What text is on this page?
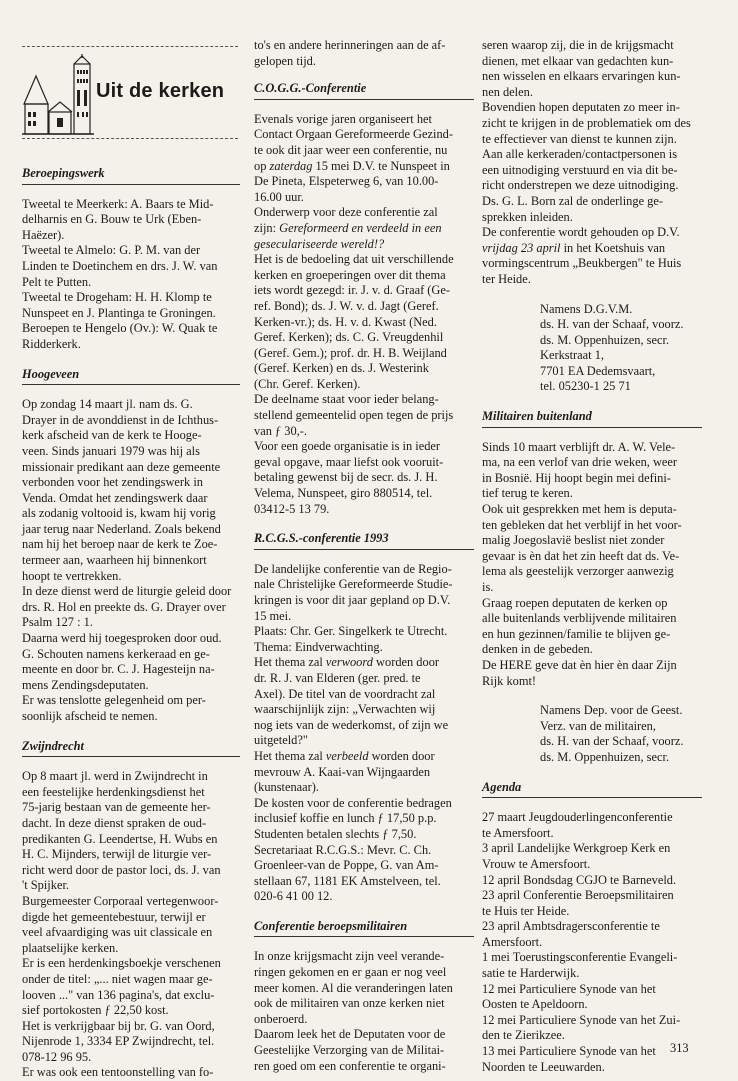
Uit de kerken
Beroepingswerk

Tweetal te Meerkerk: A. Baars te Mid-

delharnis en G. Bouw te Urk (Eben-

Haëzer).

Tweetal te Almelo: G. P. M. van der

Linden te Doetinchem en drs. J. W. van

Pelt te Putten.

Tweetal te Drogeham: H. H. Klomp te

Nunspeet en J. Plantinga te Groningen.

Beroepen te Hengelo (Ov.): W. Quak te

Ridderkerk.

Hoogeveen

Op zondag 14 maart jl. nam ds. G.

Drayer in de avonddienst in de Ichthus-

kerk afscheid van de kerk te Hooge-

veen. Sinds januari 1979 was hij als

missionair predikant aan deze gemeente

verbonden voor het zendingswerk in

Venda. Omdat het zendingswerk daar

als zodanig voltooid is, kwam hij vorig

jaar terug naar Nederland. Zoals bekend

nam hij het beroep naar de kerk te Zoe-

termeer aan, waarheen hij binnenkort

hoopt te vertrekken.

In deze dienst werd de liturgie geleid door

drs. R. Hol en preekte ds. G. Drayer over

Psalm 127 : 1.

Daarna werd hij toegesproken door oud.

G. Schouten namens kerkeraad en ge-

meente en door br. C. J. Hagesteijn na-

mens Zendingsdeputaten.

Er was tenslotte gelegenheid om per-

soonlijk afscheid te nemen.

Zwijndrecht

Op 8 maart jl. werd in Zwijndrecht in

een feestelijke herdenkingsdienst het

75-jarig bestaan van de gemeente her-

dacht. In deze dienst spraken de oud-

predikanten G. Leendertse, H. Wubs en

H. C. Mijnders, terwijl de liturgie ver-

richt werd door de pastor loci, ds. J. van

't Spijker.

Burgemeester Corporaal vertegenwoor-

digde het gemeentebestuur, terwijl er

veel afvaardiging was uit classicale en

plaatselijke kerken.

Er is een herdenkingsboekje verschenen

onder de titel: „... niet wagen maar ge-

looven ..." van 136 pagina's, dat exclu-

sief portokosten ƒ 22,50 kost.

Het is verkrijgbaar bij br. G. van Oord,

Nijenrode 1, 3334 EP Zwijndrecht, tel.

078-12 96 95.

Er was ook een tentoonstelling van fo-

to's en andere herinneringen aan de af-

gelopen tijd.

C.O.G.G.-Conferentie

Evenals vorige jaren organiseert het

Contact Orgaan Gereformeerde Gezind-

te ook dit jaar weer een conferentie, nu

op zaterdag 15 mei D.V. te Nunspeet in

De Pineta, Elspeterweg 6, van 10.00-

16.00 uur.

Onderwerp voor deze conferentie zal

zijn: Gereformeerd en verdeeld in een

geseculariseerde wereld!?

Het is de bedoeling dat uit verschillende

kerken en groeperingen over dit thema

iets wordt gezegd: ir. J. v. d. Graaf (Ge-

ref. Bond); ds. J. W. v. d. Jagt (Geref.

Kerken-vr.); ds. H. v. d. Kwast (Ned.

Geref. Kerken); ds. C. G. Vreugdenhil

(Geref. Gem.); prof. dr. H. B. Weijland

(Geref. Kerken) en ds. J. Westerink

(Chr. Geref. Kerken).

De deelname staat voor ieder belang-

stellend gemeentelid open tegen de prijs

van ƒ 30,-.

Voor een goede organisatie is in ieder

geval opgave, maar liefst ook vooruit-

betaling gewenst bij de secr. ds. J. H.

Velema, Nunspeet, giro 880514, tel.

03412-5 13 79.

R.C.G.S.-conferentie 1993

De landelijke conferentie van de Regio-

nale Christelijke Gereformeerde Studie-

kringen is voor dit jaar gepland op D.V.

15 mei.

Plaats: Chr. Ger. Singelkerk te Utrecht.

Thema: Eindverwachting.

Het thema zal verwoord worden door

dr. R. J. van Elderen (ger. pred. te

Axel). De titel van de voordracht zal

waarschijnlijk zijn: „Verwachten wij

nog iets van de wederkomst, of zijn we

uitgeteld?"

Het thema zal verbeeld worden door

mevrouw A. Kaai-van Wijngaarden

(kunstenaar).

De kosten voor de conferentie bedragen

inclusief koffie en lunch ƒ 17,50 p.p.

Studenten betalen slechts ƒ 7,50.

Secretariaat R.C.G.S.: Mevr. C. Ch.

Groenleer-van de Poppe, G. van Am-

stellaan 67, 1181 EK Amstelveen, tel.

020-6 41 00 12.

Conferentie beroepsmilitairen

In onze krijgsmacht zijn veel verande-

ringen gekomen en er gaan er nog veel

meer komen. Al die veranderingen laten

ook de militairen van onze kerken niet

onberoerd.

Daarom leek het de Deputaten voor de

Geestelijke Verzorging van de Militai-

ren goed om een conferentie te organi-

seren waarop zij, die in de krijgsmacht

dienen, met elkaar van gedachten kun-

nen wisselen en elkaars ervaringen kun-

nen delen.

Bovendien hopen deputaten zo meer in-

zicht te krijgen in de problematiek om des

te effectiever van dienst te kunnen zijn.

Aan alle kerkeraden/contactpersonen is

een uitnodiging verstuurd en via dit be-

richt onderstrepen we deze uitnodiging.

Ds. G. L. Born zal de onderlinge ge-

sprekken inleiden.

De conferentie wordt gehouden op D.V.

vrijdag 23 april in het Koetshuis van

vormingscentrum „Beukbergen" te Huis

ter Heide.

Namens D.G.V.M.

ds. H. van der Schaaf, voorz.

ds. M. Oppenhuizen, secr.

Kerkstraat 1,

7701 EA Dedemsvaart,

tel. 05230-1 25 71

Militairen buitenland

Sinds 10 maart verblijft dr. A. W. Vele-

ma, na een verlof van drie weken, weer

in Bosnië. Hij hoopt begin mei defini-

tief terug te keren.

Ook uit gesprekken met hem is deputa-

ten gebleken dat het verblijf in het voor-

malig Joegoslavië beslist niet zonder

gevaar is èn dat het zin heeft dat ds. Ve-

lema als geestelijk verzorger aanwezig

is.

Graag roepen deputaten de kerken op

alle buitenlands verblijvende militairen

en hun gezinnen/familie te blijven ge-

denken in de gebeden.

De HERE geve dat èn hier èn daar Zijn

Rijk komt!

Namens Dep. voor de Geest.

Verz. van de militairen,

ds. H. van der Schaaf, voorz.

ds. M. Oppenhuizen, secr.

Agenda

27 maart Jeugdouderlingenconferentie

te Amersfoort.

3 april Landelijke Werkgroep Kerk en

Vrouw te Amersfoort.

12 april Bondsdag CGJO te Barneveld.

23 april Conferentie Beroepsmilitairen

te Huis ter Heide.

23 april Ambtsdragersconferentie te

Amersfoort.

1 mei Toerustingsconferentie Evangeli-

satie te Harderwijk.

12 mei Particuliere Synode van het

Oosten te Apeldoorn.

12 mei Particuliere Synode van het Zui-

den te Zierikzee.

13 mei Particuliere Synode van het

Noorden te Leeuwarden.

313
